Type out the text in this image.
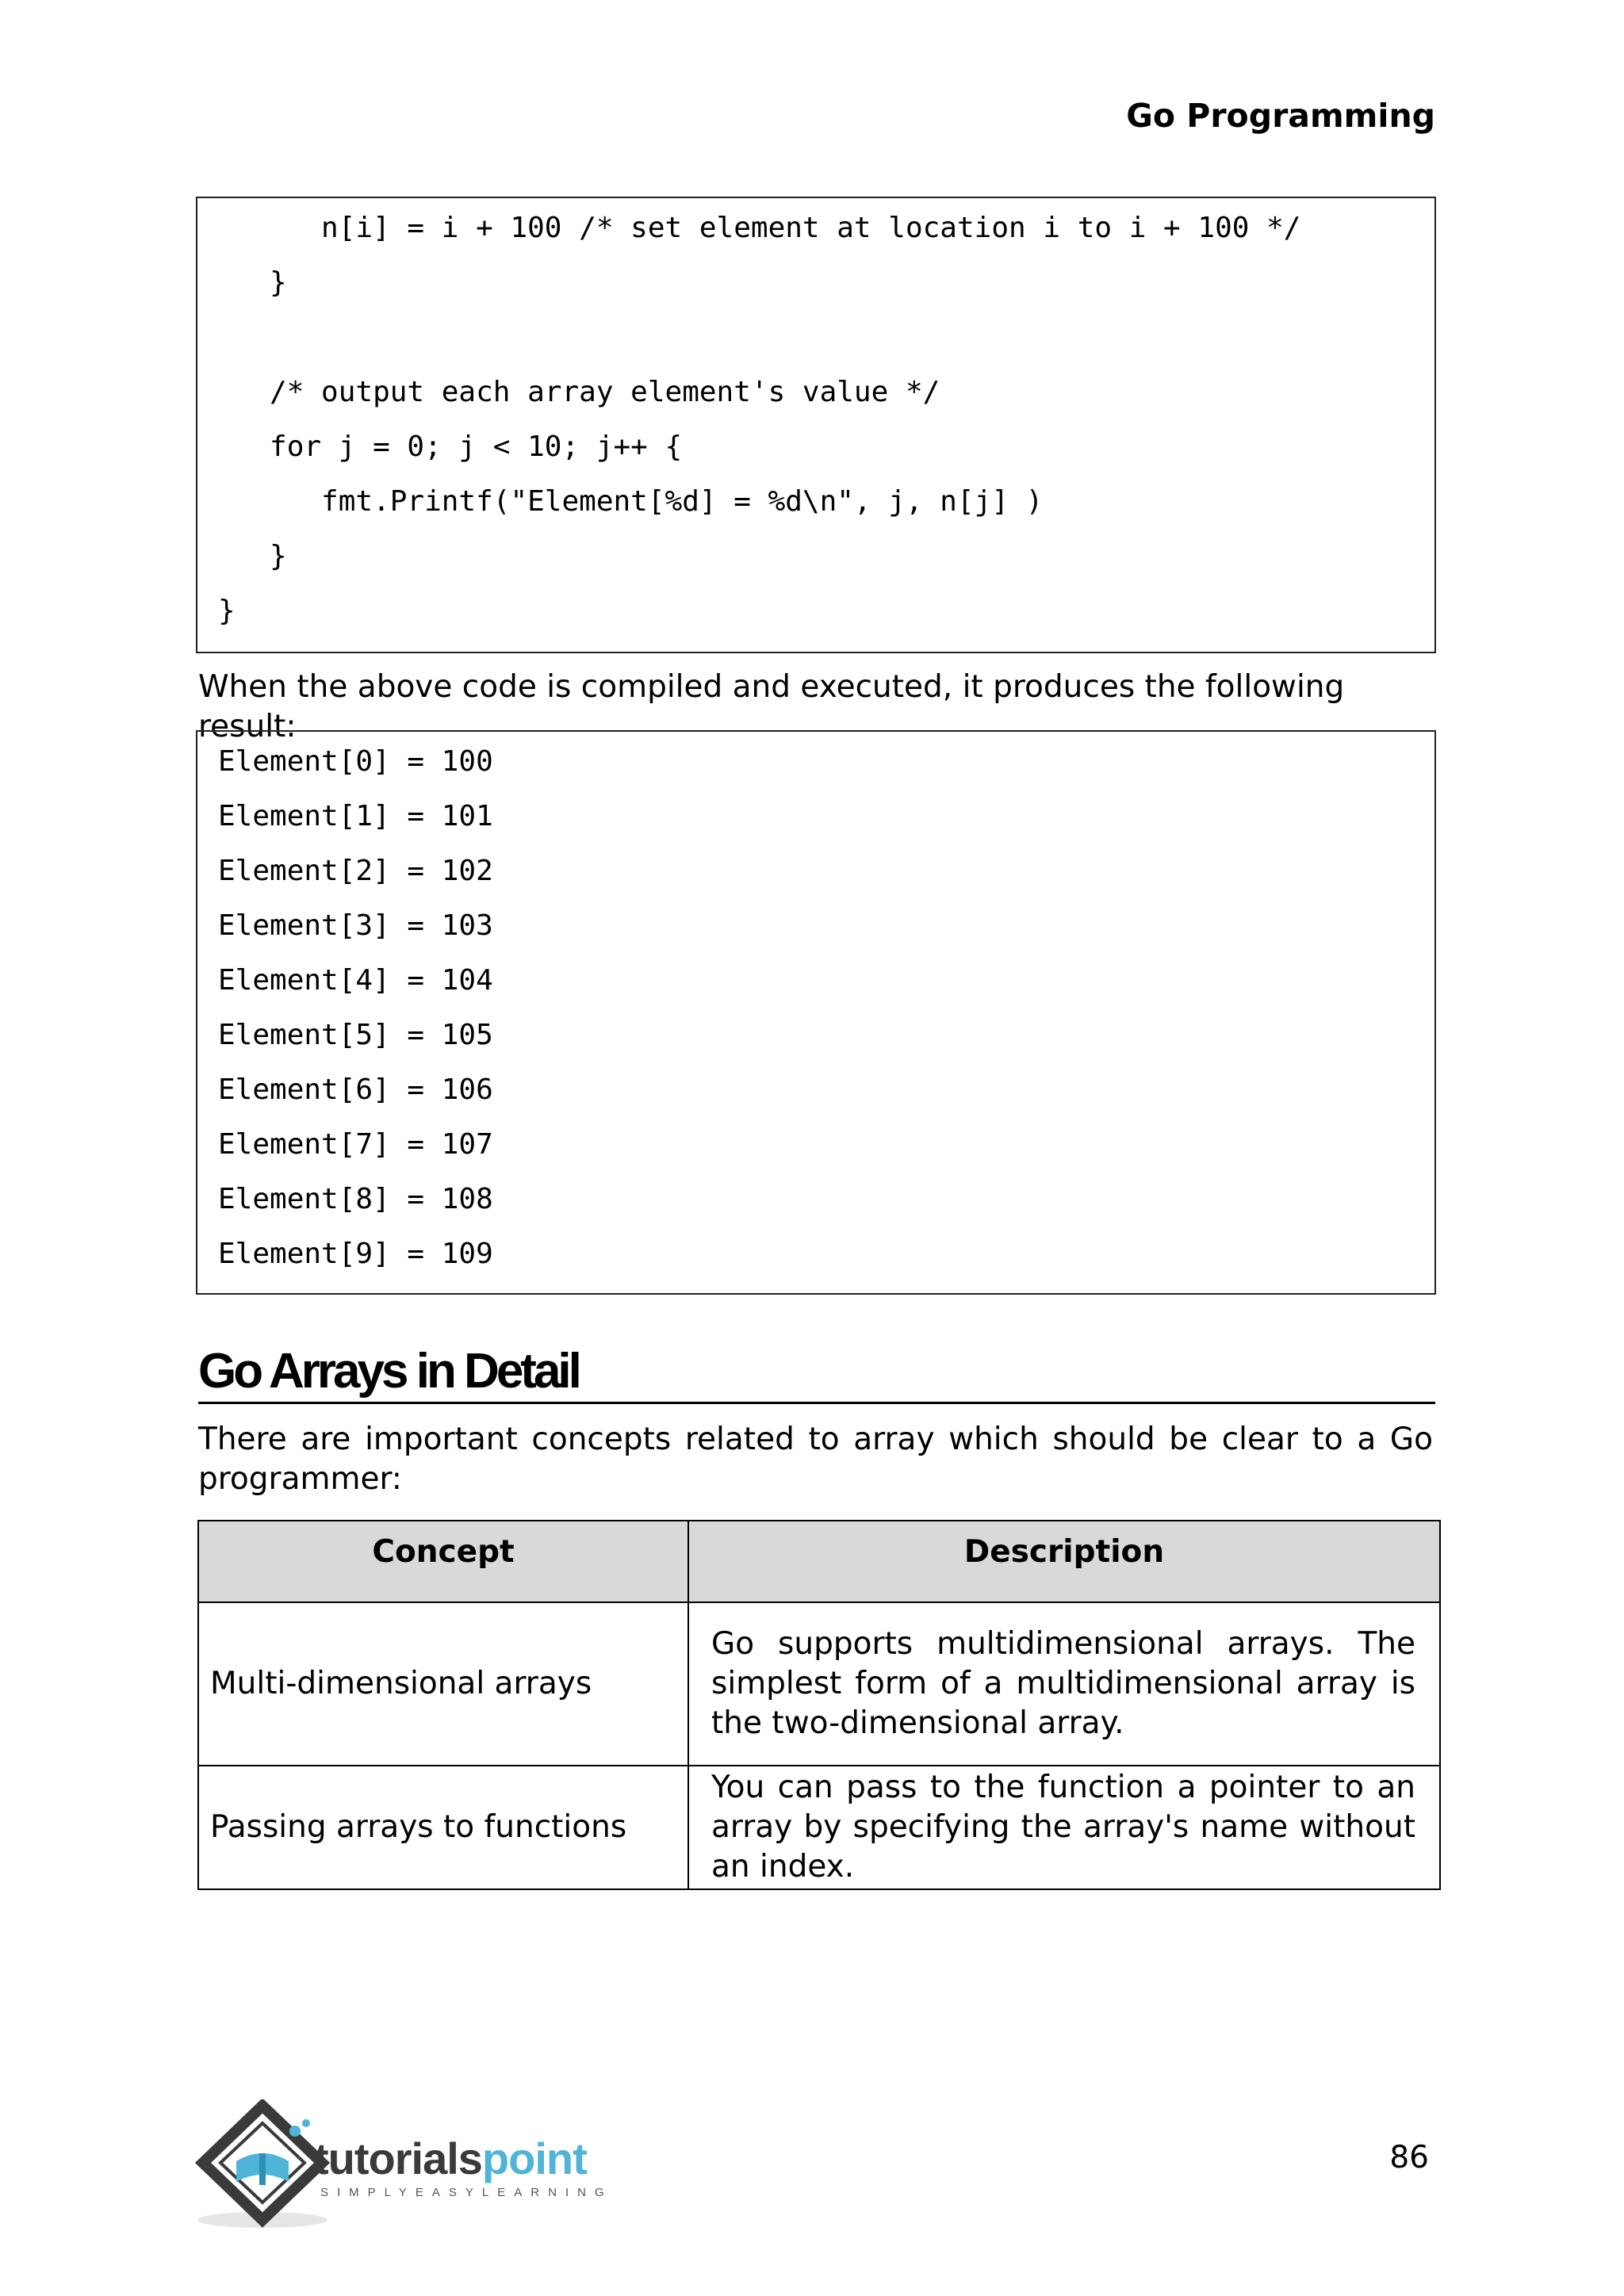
Go Programming
n[i] = i + 100 /* set element at location i to i + 100 */
}
/* output each array element's value */
for j = 0; j < 10; j++ {
fmt.Printf("Element[%d] = %d\n", j, n[j] )
}
}
When the above code is compiled and executed, it produces the following result:
Element[0] = 100
Element[1] = 101
Element[2] = 102
Element[3] = 103
Element[4] = 104
Element[5] = 105
Element[6] = 106
Element[7] = 107
Element[8] = 108
Element[9] = 109
Go Arrays in Detail
There are important concepts related to array which should be clear to a Go programmer:
Concept	Description
Multi-dimensional arrays	Go supports multidimensional arrays. The simplest form of a multidimensional array is the two-dimensional array.
Passing arrays to functions	You can pass to the function a pointer to an array by specifying the array's name without an index.
tutorialspoint
SIMPLYEASYLEARNING
86
